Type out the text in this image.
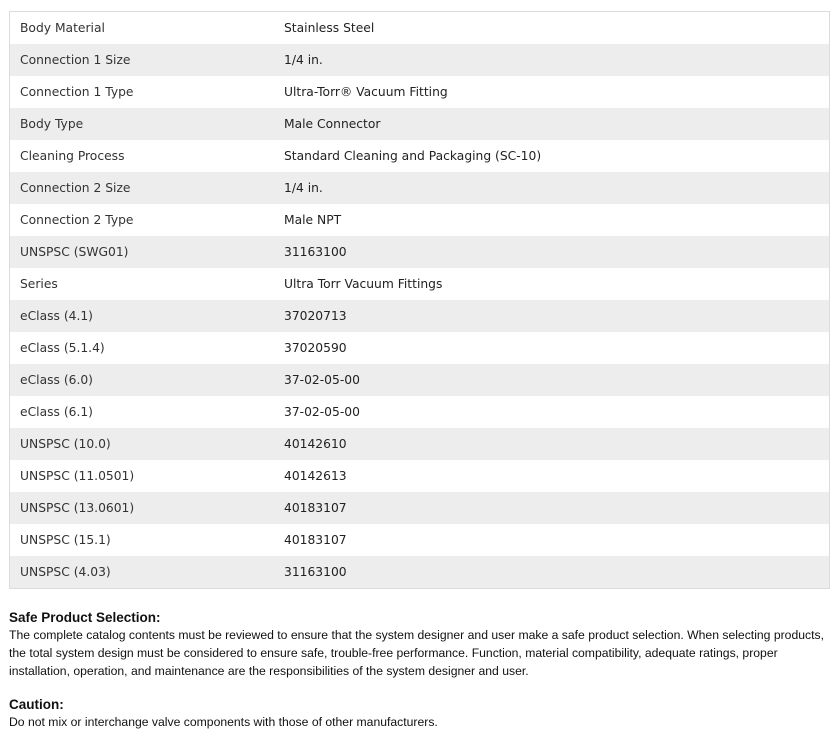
Body Material	Stainless Steel
Connection 1 Size	1/4 in.
Connection 1 Type	Ultra-Torr® Vacuum Fitting
Body Type	Male Connector
Cleaning Process	Standard Cleaning and Packaging (SC-10)
Connection 2 Size	1/4 in.
Connection 2 Type	Male NPT
UNSPSC (SWG01)	31163100
Series	Ultra Torr Vacuum Fittings
eClass (4.1)	37020713
eClass (5.1.4)	37020590
eClass (6.0)	37-02-05-00
eClass (6.1)	37-02-05-00
UNSPSC (10.0)	40142610
UNSPSC (11.0501)	40142613
UNSPSC (13.0601)	40183107
UNSPSC (15.1)	40183107
UNSPSC (4.03)	31163100

Safe Product Selection:

The complete catalog contents must be reviewed to ensure that the system designer and user make a safe product selection. When selecting products, the total system design must be considered to ensure safe, trouble-free performance. Function, material compatibility, adequate ratings, proper installation, operation, and maintenance are the responsibilities of the system designer and user.

Caution:

Do not mix or interchange valve components with those of other manufacturers.
